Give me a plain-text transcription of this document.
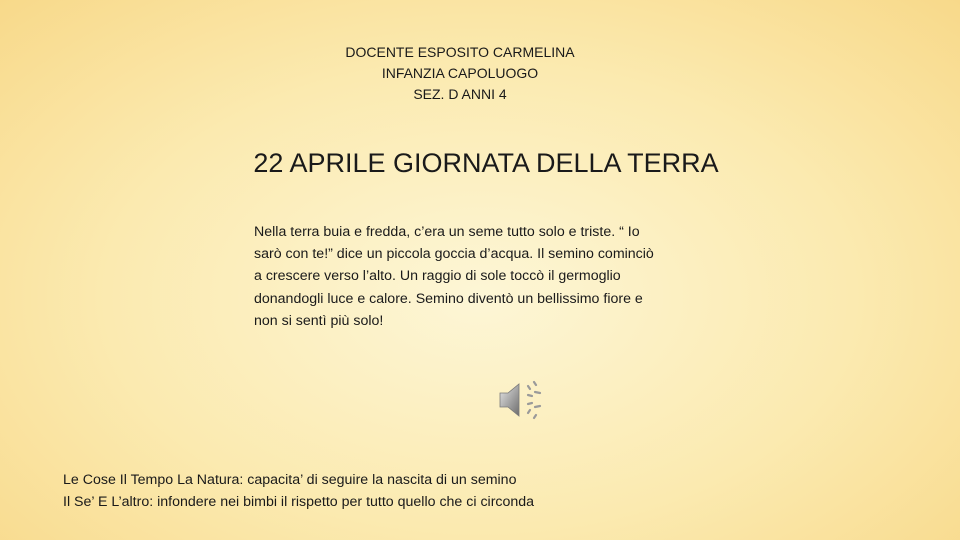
DOCENTE ESPOSITO CARMELINA
INFANZIA CAPOLUOGO
SEZ. D ANNI 4
22 APRILE GIORNATA DELLA TERRA
Nella terra buia e fredda, c’era un seme tutto solo e triste. “ Io
sarò con te!” dice un piccola goccia d’acqua. Il semino cominciò
a crescere verso l’alto. Un raggio di sole toccò il germoglio
donandogli luce e calore. Semino diventò un bellissimo fiore e
non si sentì più solo!
Le Cose Il Tempo La Natura: capacita’ di seguire la nascita di un semino
Il Se’ E L’altro: infondere nei bimbi il rispetto per tutto quello che ci circonda
